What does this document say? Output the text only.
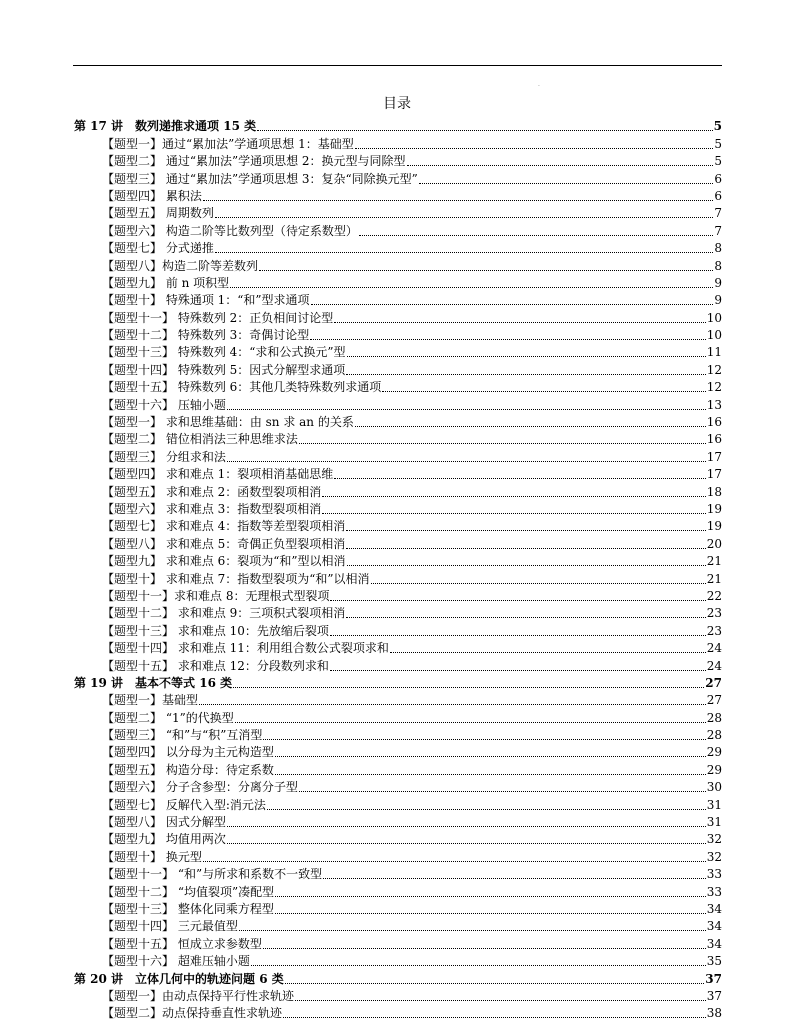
·
目录
第 17 讲　数列递推求通项 15 类	5
【题型一】通过“累加法”学通项思想 1：基础型	5
【题型二】 通过“累加法”学通项思想 2：换元型与同除型	5
【题型三】 通过“累加法”学通项思想 3：复杂“同除换元型”	6
【题型四】 累积法	6
【题型五】 周期数列	7
【题型六】 构造二阶等比数列型（待定系数型）	7
【题型七】 分式递推	8
【题型八】构造二阶等差数列	8
【题型九】 前 n 项积型	9
【题型十】 特殊通项 1：“和”型求通项	9
【题型十一】 特殊数列 2：正负相间讨论型	10
【题型十二】 特殊数列 3：奇偶讨论型	10
【题型十三】 特殊数列 4：“求和公式换元”型	11
【题型十四】 特殊数列 5：因式分解型求通项	12
【题型十五】 特殊数列 6：其他几类特殊数列求通项	12
【题型十六】 压轴小题	13
【题型一】 求和思维基础：由 sn 求 an 的关系	16
【题型二】 错位相消法三种思维求法	16
【题型三】 分组求和法	17
【题型四】 求和难点 1：裂项相消基础思维	17
【题型五】 求和难点 2：函数型裂项相消	18
【题型六】 求和难点 3：指数型裂项相消	19
【题型七】 求和难点 4：指数等差型裂项相消	19
【题型八】 求和难点 5：奇偶正负型裂项相消	20
【题型九】 求和难点 6：裂项为“和”型以相消	21
【题型十】 求和难点 7：指数型裂项为“和”以相消	21
【题型十一】求和难点 8：无理根式型裂项	22
【题型十二】 求和难点 9：三项积式裂项相消	23
【题型十三】 求和难点 10：先放缩后裂项	23
【题型十四】 求和难点 11：利用组合数公式裂项求和	24
【题型十五】 求和难点 12：分段数列求和	24
第 19 讲　基本不等式 16 类	27
【题型一】基础型	27
【题型二】 “1”的代换型	28
【题型三】 “和”与“积”互消型	28
【题型四】 以分母为主元构造型	29
【题型五】 构造分母：待定系数	29
【题型六】 分子含参型：分离分子型	30
【题型七】 反解代入型:消元法	31
【题型八】 因式分解型	31
【题型九】 均值用两次	32
【题型十】 换元型	32
【题型十一】 “和”与所求和系数不一致型	33
【题型十二】 “均值裂项”凑配型	33
【题型十三】 整体化同乘方程型	34
【题型十四】 三元最值型	34
【题型十五】 恒成立求参数型	34
【题型十六】 超难压轴小题	35
第 20 讲　立体几何中的轨迹问题 6 类	37
【题型一】由动点保持平行性求轨迹	37
【题型二】动点保持垂直性求轨迹	38
